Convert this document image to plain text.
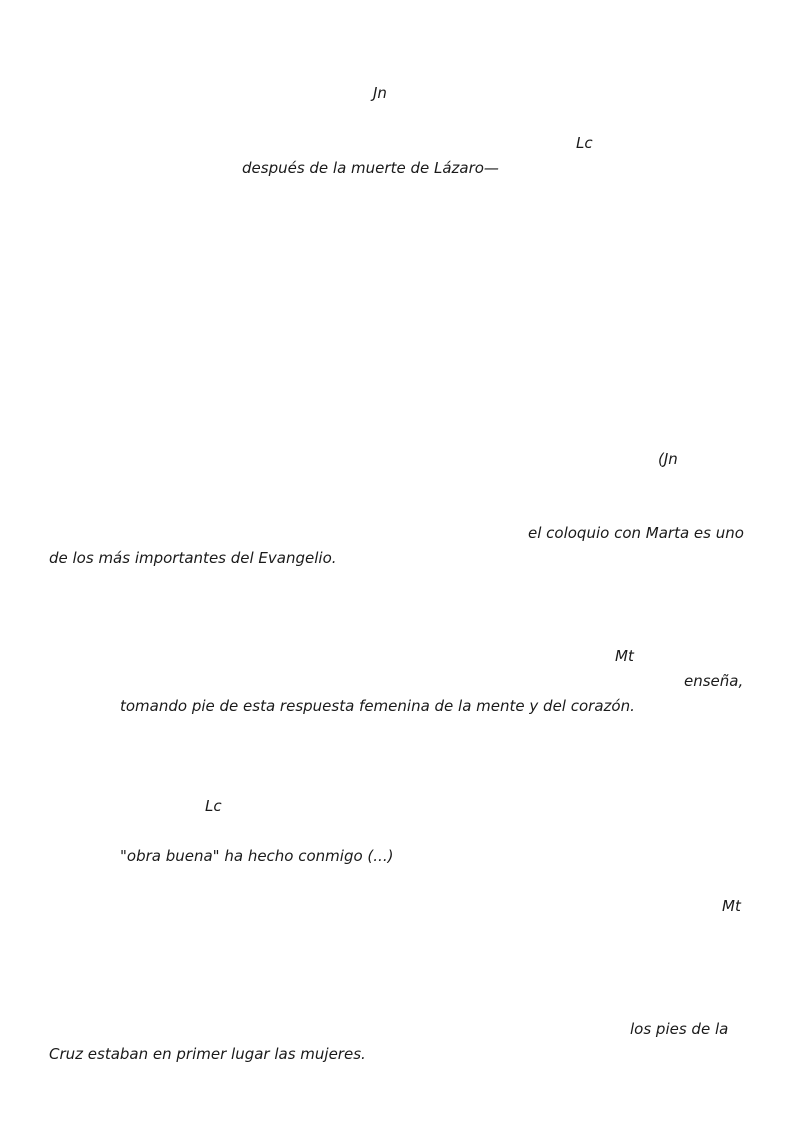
Jn
Lc
después de la muerte de Lázaro—
(Jn
el coloquio con Marta es uno
de los más importantes del Evangelio.
Mt
enseña,
tomando pie de esta respuesta femenina de la mente y del corazón.
Lc
"obra buena" ha hecho conmigo (...)
Mt
los pies de la
Cruz estaban en primer lugar las mujeres.
